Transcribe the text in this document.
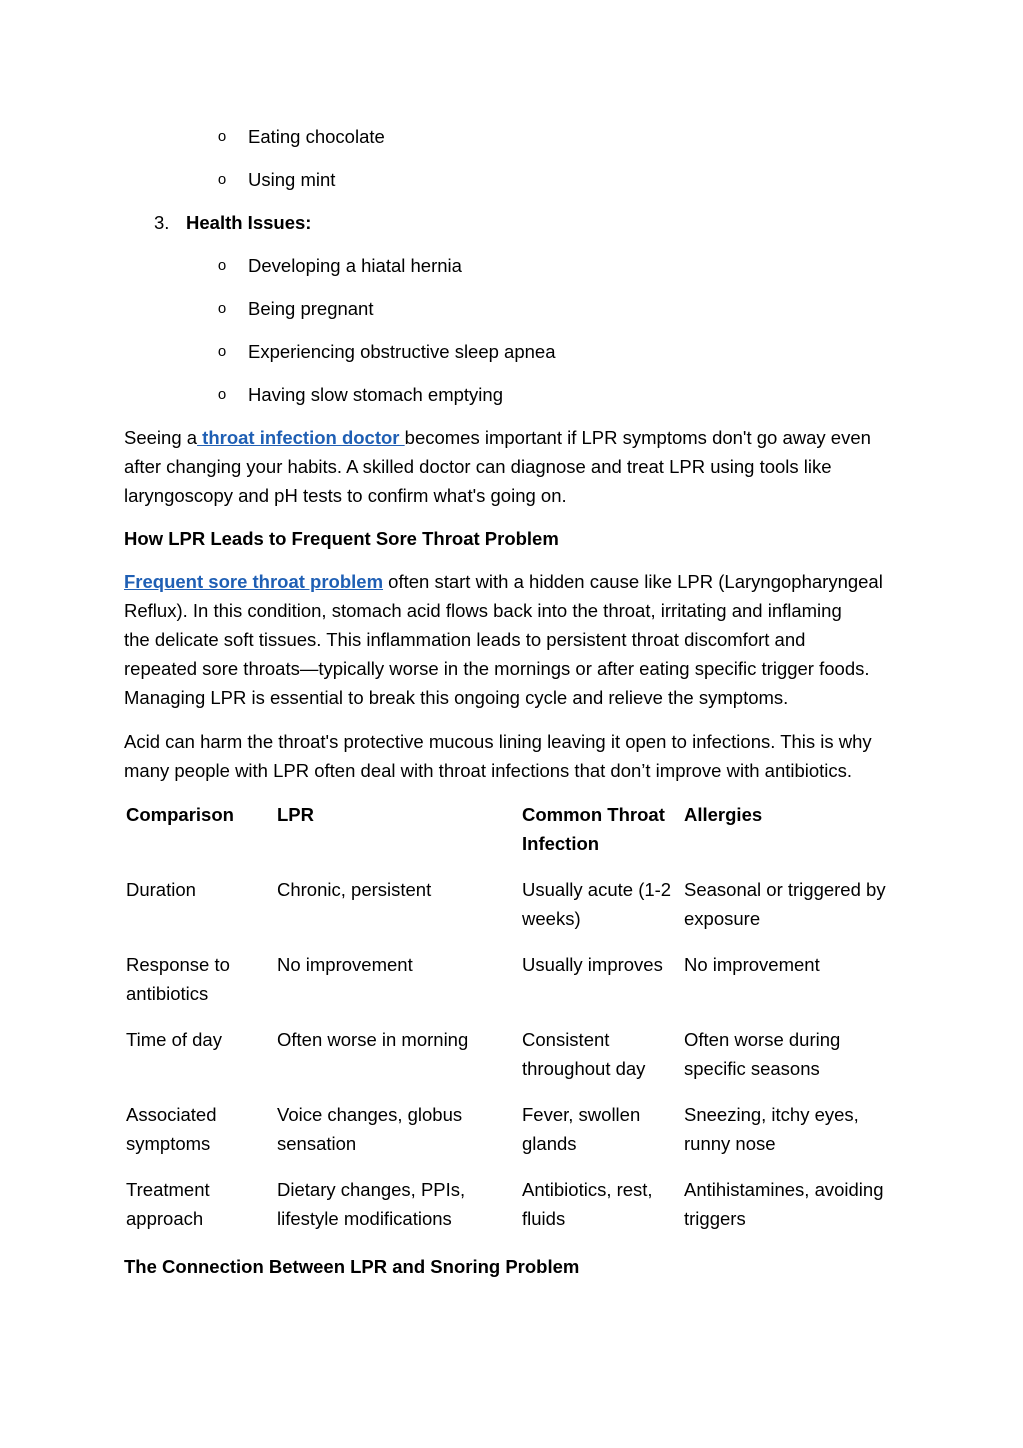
o Eating chocolate
o Using mint
3. Health Issues:
o Developing a hiatal hernia
o Being pregnant
o Experiencing obstructive sleep apnea
o Having slow stomach emptying

Seeing a throat infection doctor becomes important if LPR symptoms don't go away even
after changing your habits. A skilled doctor can diagnose and treat LPR using tools like
laryngoscopy and pH tests to confirm what's going on.

How LPR Leads to Frequent Sore Throat Problem

Frequent sore throat problem often start with a hidden cause like LPR (Laryngopharyngeal
Reflux). In this condition, stomach acid flows back into the throat, irritating and inflaming
the delicate soft tissues. This inflammation leads to persistent throat discomfort and
repeated sore throats—typically worse in the mornings or after eating specific trigger foods.
Managing LPR is essential to break this ongoing cycle and relieve the symptoms.

Acid can harm the throat's protective mucous lining leaving it open to infections. This is why
many people with LPR often deal with throat infections that don’t improve with antibiotics.

Comparison	LPR	Common Throat Infection	Allergies
Duration	Chronic, persistent	Usually acute (1-2 weeks)	Seasonal or triggered by exposure
Response to antibiotics	No improvement	Usually improves	No improvement
Time of day	Often worse in morning	Consistent throughout day	Often worse during specific seasons
Associated symptoms	Voice changes, globus sensation	Fever, swollen glands	Sneezing, itchy eyes, runny nose
Treatment approach	Dietary changes, PPIs, lifestyle modifications	Antibiotics, rest, fluids	Antihistamines, avoiding triggers
The Connection Between LPR and Snoring Problem
